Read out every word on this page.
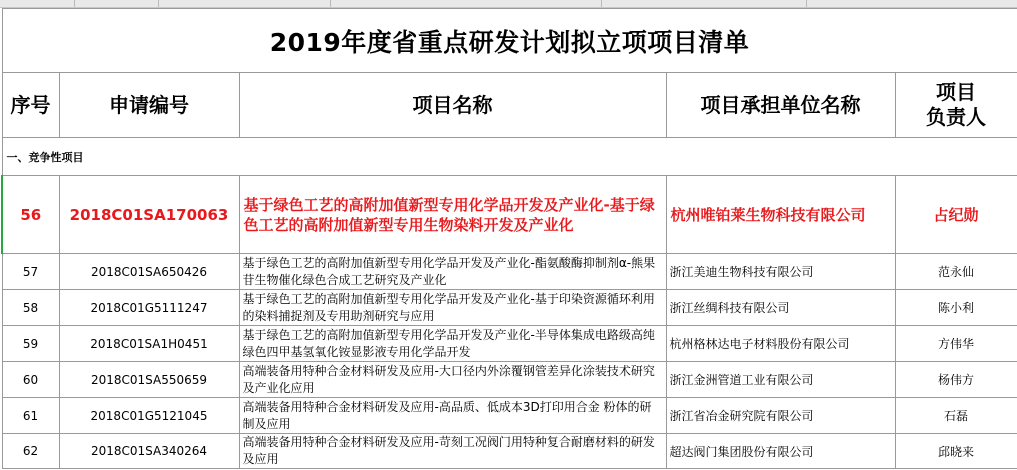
2019年度省重点研发计划拟立项项目清单				
序号	申请编号	项目名称	项目承担单位名称	项目
负责人

一、竞争性项目				
56	2018C01SA170063	基于绿色工艺的高附加值新型专用化学品开发及产业化-基于绿色工艺的高附加值新型专用生物染料开发及产业化	杭州唯铂莱生物科技有限公司	占纪勋
57	2018C01SA650426	基于绿色工艺的高附加值新型专用化学品开发及产业化-酯氨酸酶抑制剂α-熊果苷生物催化绿色合成工艺研究及产业化	浙江美迪生物科技有限公司	范永仙
58	2018C01G5111247	基于绿色工艺的高附加值新型专用化学品开发及产业化-基于印染资源循环利用的染料捕捉剂及专用助剂研究与应用	浙江丝绸科技有限公司	陈小利
59	2018C01SA1H0451	基于绿色工艺的高附加值新型专用化学品开发及产业化-半导体集成电路级高纯绿色四甲基氢氧化铵显影液专用化学品开发	杭州格林达电子材料股份有限公司	方伟华
60	2018C01SA550659	高端装备用特种合金材料研发及应用-大口径内外涂覆钢管差异化涂装技术研究及产业化应用	浙江金洲管道工业有限公司	杨伟方
61	2018C01G5121045	高端装备用特种合金材料研发及应用-高品质、低成本3D打印用合金 粉体的研制及应用	浙江省冶金研究院有限公司	石磊
62	2018C01SA340264	高端装备用特种合金材料研发及应用-苛刻工况阀门用特种复合耐磨材料的研发及应用	超达阀门集团股份有限公司	邱晓来
